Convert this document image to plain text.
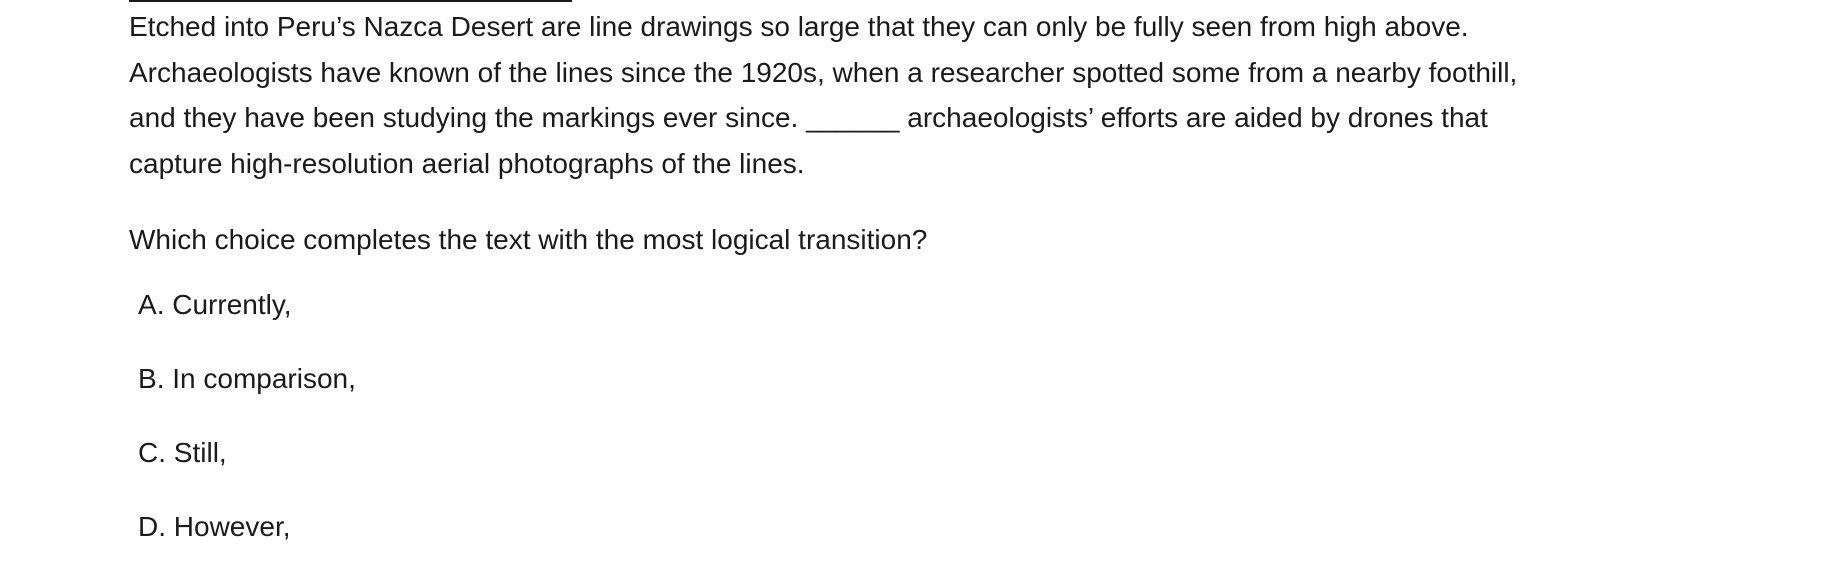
Etched into Peru’s Nazca Desert are line drawings so large that they can only be fully seen from high above.
Archaeologists have known of the lines since the 1920s, when a researcher spotted some from a nearby foothill,
and they have been studying the markings ever since. ______ archaeologists’ efforts are aided by drones that
capture high-resolution aerial photographs of the lines.

Which choice completes the text with the most logical transition?

A . Currently,
B . In comparison,
C . Still,
D . However,
